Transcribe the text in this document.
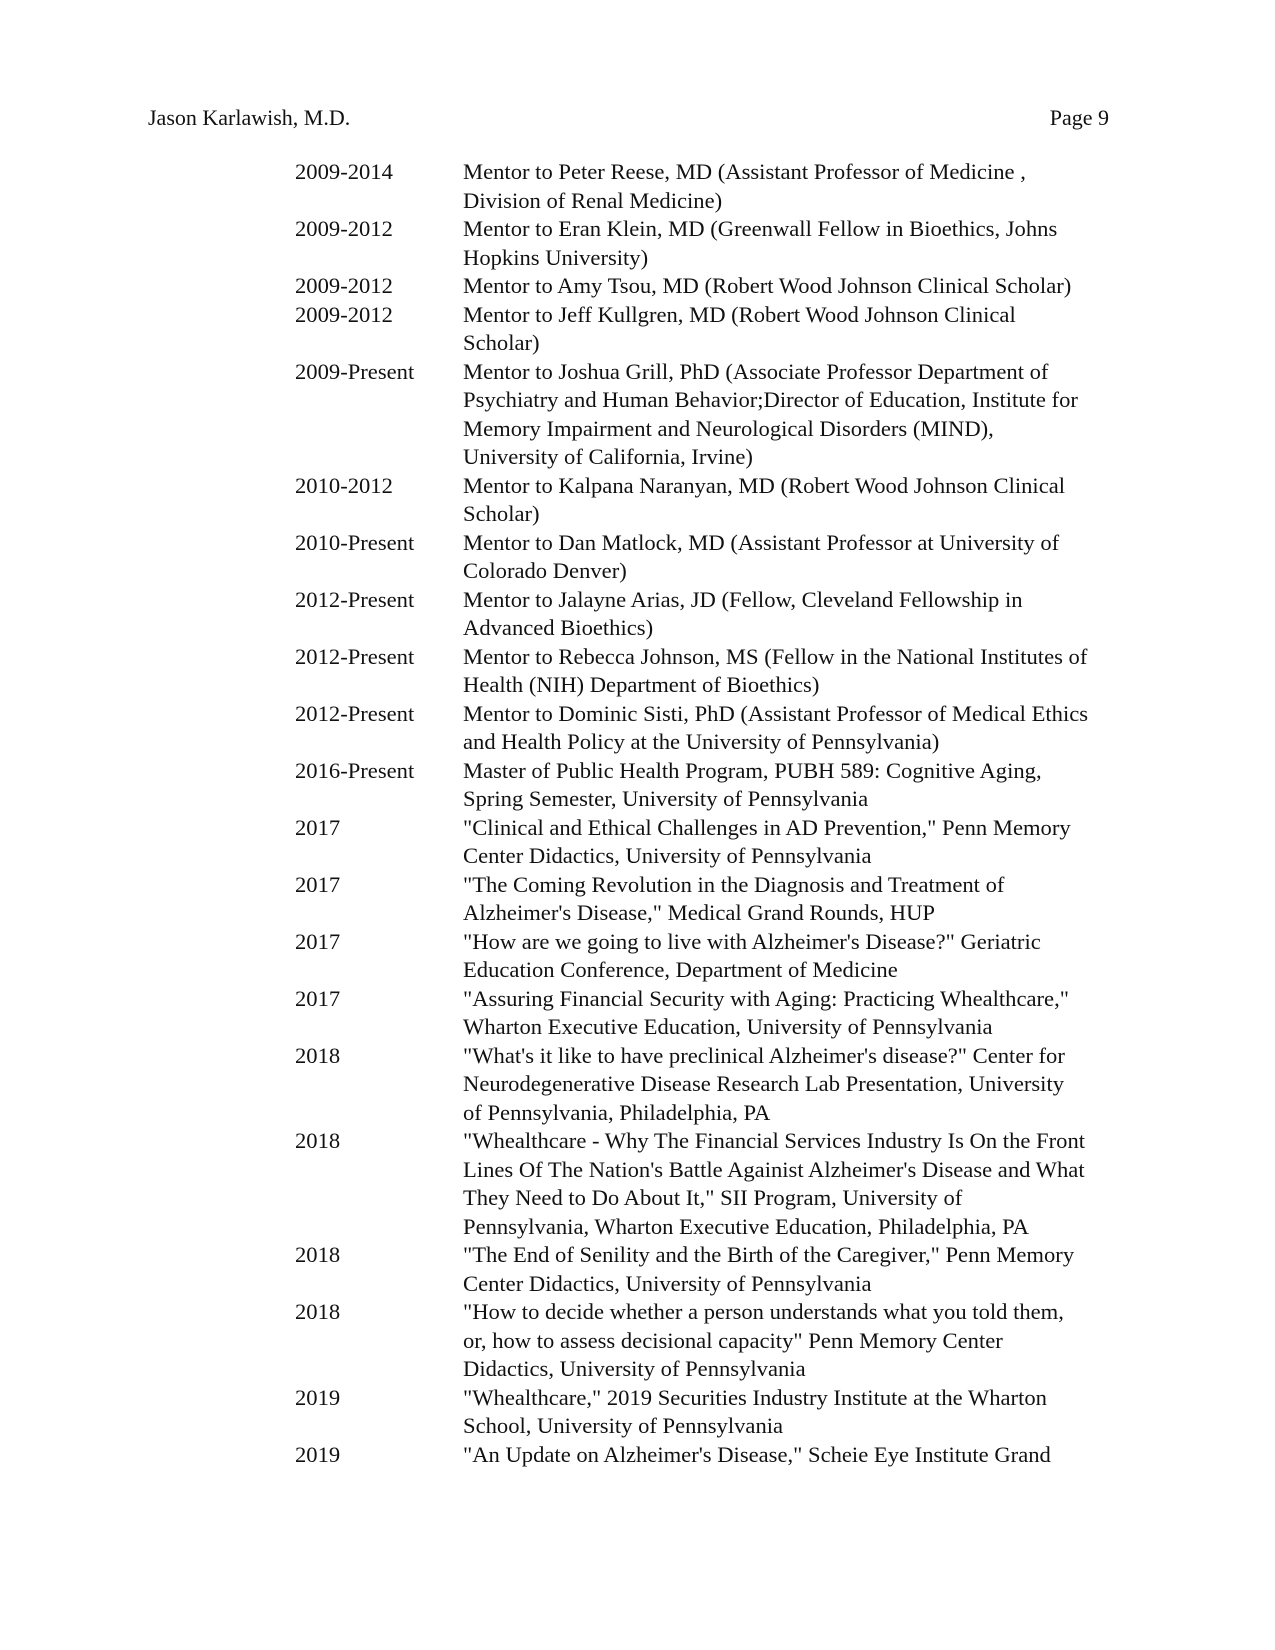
Jason Karlawish, M.D.	Page 9
2009-2014	Mentor to Peter Reese, MD (Assistant Professor of Medicine ,
Division of Renal Medicine)
2009-2012	Mentor to Eran Klein, MD (Greenwall Fellow in Bioethics, Johns
Hopkins University)
2009-2012	Mentor to Amy Tsou, MD (Robert Wood Johnson Clinical Scholar)
2009-2012	Mentor to Jeff Kullgren, MD (Robert Wood Johnson Clinical
Scholar)
2009-Present	Mentor to Joshua Grill, PhD (Associate Professor Department of
Psychiatry and Human Behavior;Director of Education, Institute for
Memory Impairment and Neurological Disorders (MIND),
University of California, Irvine)
2010-2012	Mentor to Kalpana Naranyan, MD (Robert Wood Johnson Clinical
Scholar)
2010-Present	Mentor to Dan Matlock, MD (Assistant Professor at University of
Colorado Denver)
2012-Present	Mentor to Jalayne Arias, JD (Fellow, Cleveland Fellowship in
Advanced Bioethics)
2012-Present	Mentor to Rebecca Johnson, MS (Fellow in the National Institutes of
Health (NIH) Department of Bioethics)
2012-Present	Mentor to Dominic Sisti, PhD (Assistant Professor of Medical Ethics
and Health Policy at the University of Pennsylvania)
2016-Present	Master of Public Health Program, PUBH 589: Cognitive Aging,
Spring Semester, University of Pennsylvania
2017	"Clinical and Ethical Challenges in AD Prevention," Penn Memory
Center Didactics, University of Pennsylvania
2017	"The Coming Revolution in the Diagnosis and Treatment of
Alzheimer's Disease," Medical Grand Rounds, HUP
2017	"How are we going to live with Alzheimer's Disease?" Geriatric
Education Conference, Department of Medicine
2017	"Assuring Financial Security with Aging: Practicing Whealthcare,"
Wharton Executive Education, University of Pennsylvania
2018	"What's it like to have preclinical Alzheimer's disease?" Center for
Neurodegenerative Disease Research Lab Presentation, University
of Pennsylvania, Philadelphia, PA
2018	"Whealthcare - Why The Financial Services Industry Is On the Front
Lines Of The Nation's Battle Againist Alzheimer's Disease and What
They Need to Do About It," SII Program, University of
Pennsylvania, Wharton Executive Education, Philadelphia, PA
2018	"The End of Senility and the Birth of the Caregiver," Penn Memory
Center Didactics, University of Pennsylvania
2018	"How to decide whether a person understands what you told them,
or, how to assess decisional capacity" Penn Memory Center
Didactics, University of Pennsylvania
2019	"Whealthcare," 2019 Securities Industry Institute at the Wharton
School, University of Pennsylvania
2019	"An Update on Alzheimer's Disease," Scheie Eye Institute Grand
